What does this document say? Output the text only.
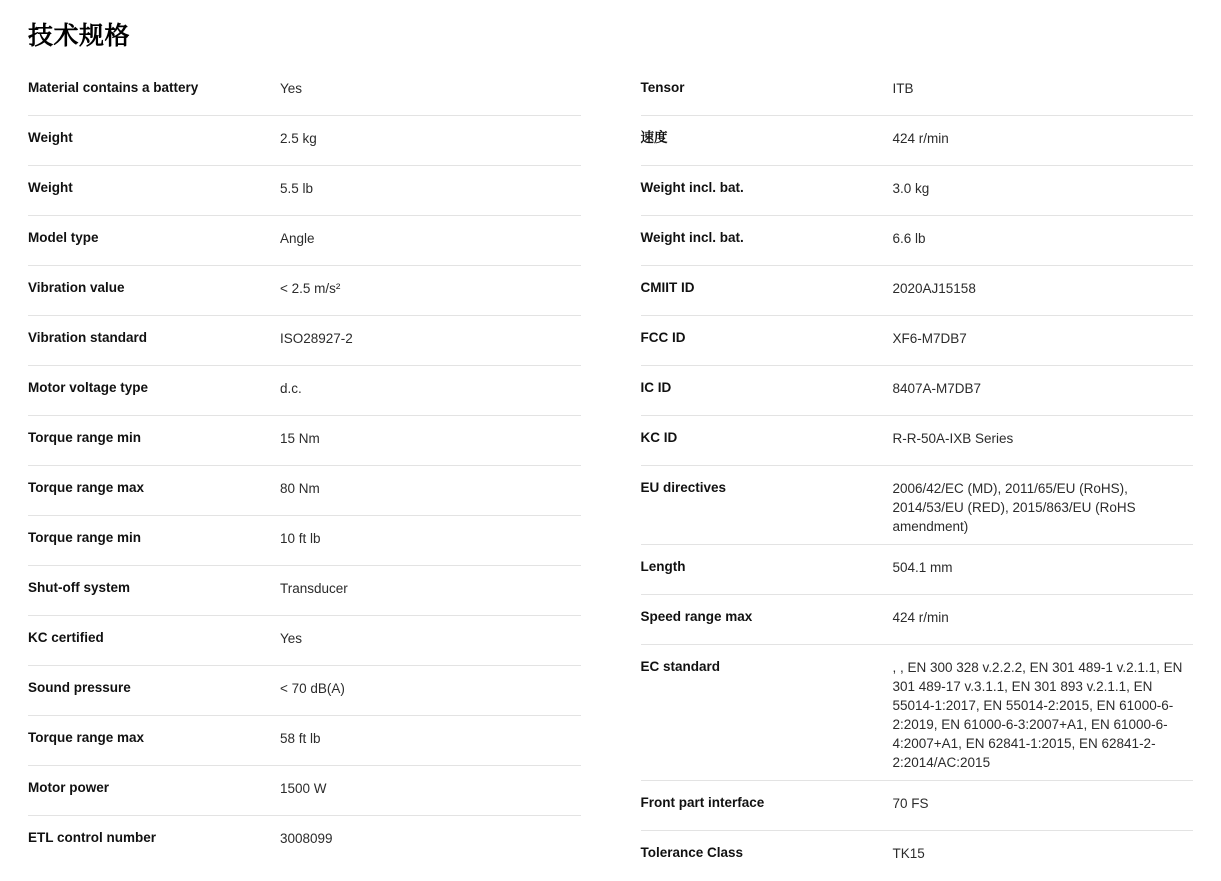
技术规格
Material contains a battery	Yes
Weight	2.5 kg
Weight	5.5 lb
Model type	Angle
Vibration value	< 2.5 m/s²
Vibration standard	ISO28927-2
Motor voltage type	d.c.
Torque range min	15 Nm
Torque range max	80 Nm
Torque range min	10 ft lb
Shut-off system	Transducer
KC certified	Yes
Sound pressure	< 70 dB(A)
Torque range max	58 ft lb
Motor power	1500 W
ETL control number	3008099
Tensor	ITB
速度	424 r/min
Weight incl. bat.	3.0 kg
Weight incl. bat.	6.6 lb
CMIIT ID	2020AJ15158
FCC ID	XF6-M7DB7
IC ID	8407A-M7DB7
KC ID	R-R-50A-IXB Series
EU directives	2006/42/EC (MD), 2011/65/EU (RoHS), 2014/53/EU (RED), 2015/863/EU (RoHS amendment)
Length	504.1 mm
Speed range max	424 r/min
EC standard	, , EN 300 328 v.2.2.2, EN 301 489-1 v.2.1.1, EN 301 489-17 v.3.1.1, EN 301 893 v.2.1.1, EN 55014-1:2017, EN 55014-2:2015, EN 61000-6-2:2019, EN 61000-6-3:2007+A1, EN 61000-6-4:2007+A1, EN 62841-1:2015, EN 62841-2-2:2014/AC:2015
Front part interface	70 FS
Tolerance Class	TK15
